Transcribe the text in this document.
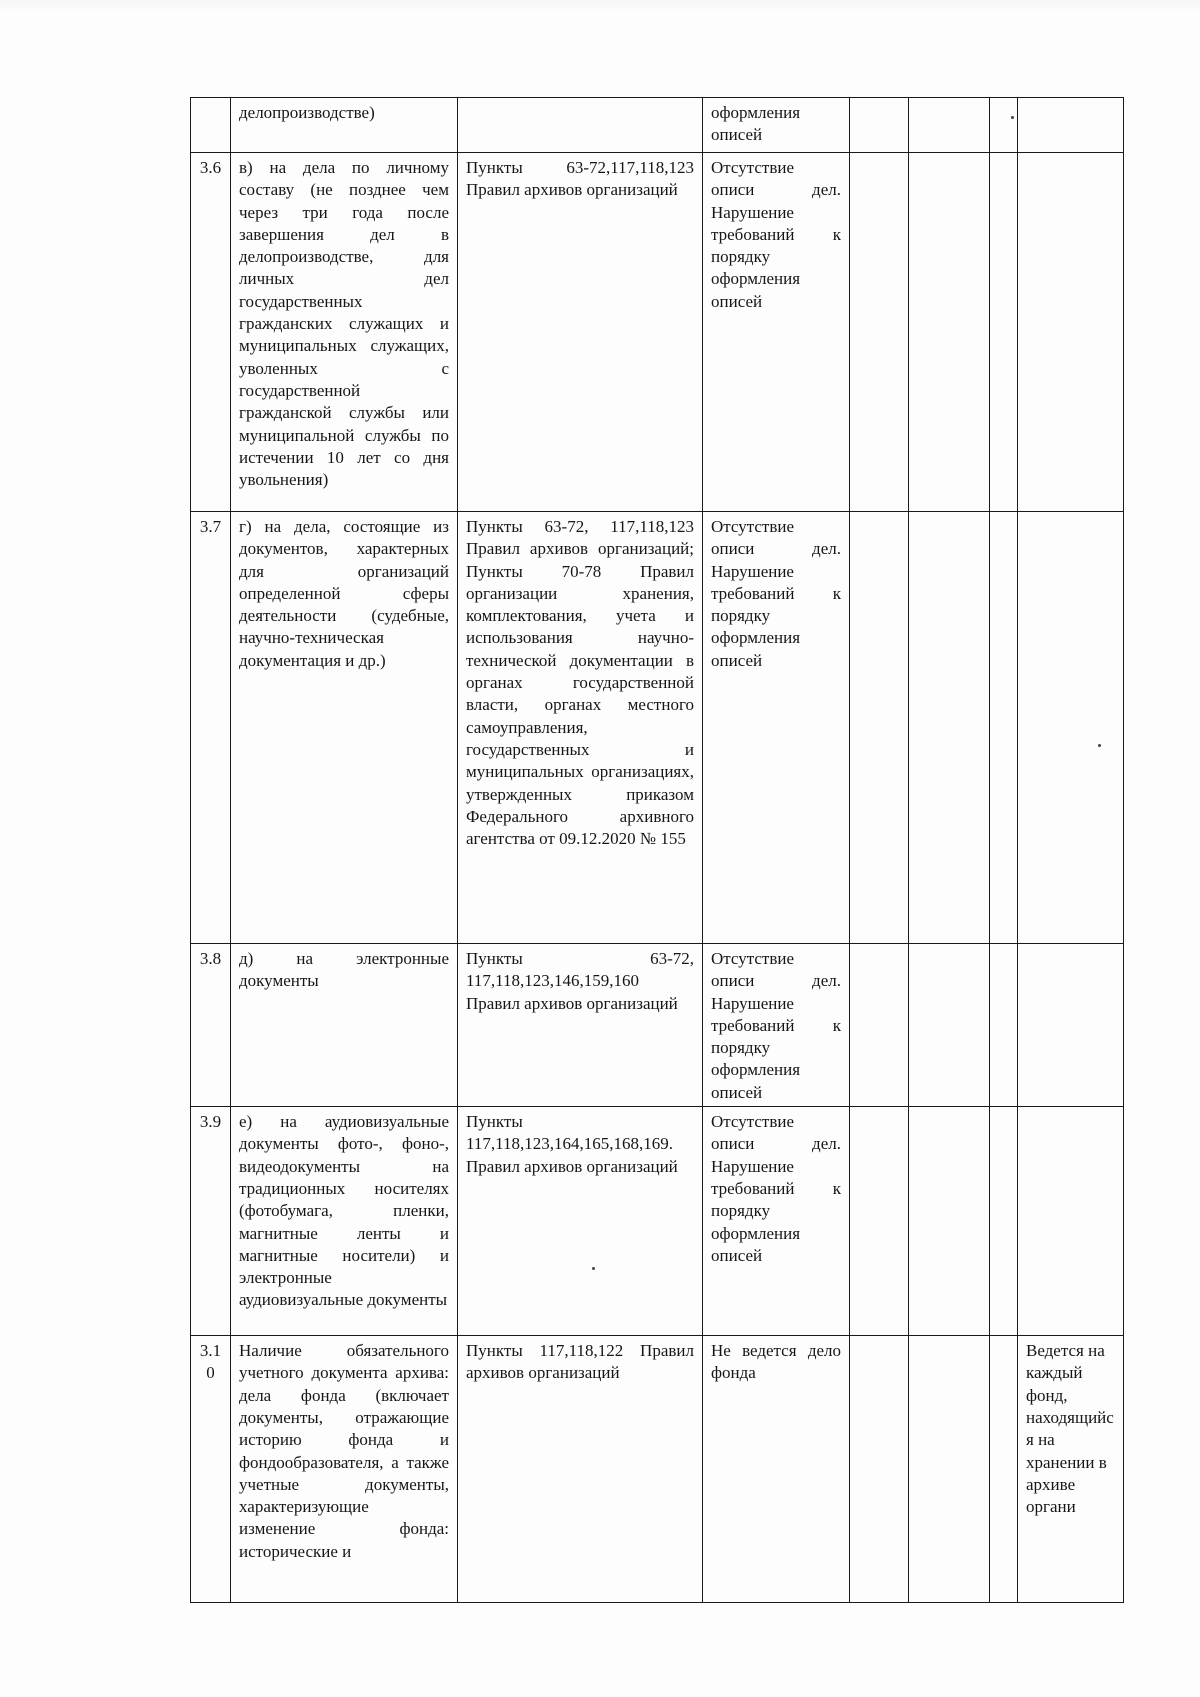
	делопроизводстве)		оформления
описей				

3.6	в) на дела по личному составу (не позднее чем через три года после завершения дел в делопроизводстве, для личных дел государственных гражданских служащих и муниципальных служащих, уволенных с государственной гражданской службы или муниципальной службы по истечении 10 лет со дня увольнения)	Пункты 63-72,117,118,123 Правил архивов организаций	Отсутствие описи дел. Нарушение требований к порядку оформления описей				

3.7	г) на дела, состоящие из документов, характерных для организаций определенной сферы деятельности (судебные, научно-техническая документация и др.)	Пункты 63-72, 117,118,123 Правил архивов организаций; Пункты 70-78 Правил организации хранения, комплектования, учета и использования научно-технической документации в органах государственной власти, органах местного самоуправления, государственных и муниципальных организациях, утвержденных приказом Федерального архивного агентства от 09.12.2020 № 155	Отсутствие описи дел. Нарушение требований к порядку оформления описей				

3.8	д) на электронные документы	Пункты 63-72, 117,118,123,146,159,160 Правил архивов организаций	Отсутствие описи дел. Нарушение требований к порядку оформления описей				

3.9	е) на аудиовизуальные документы фото-, фоно-, видеодокументы на традиционных носителях (фотобумага, пленки, магнитные ленты и магнитные носители) и электронные аудиовизуальные документы	Пункты 117,118,123,164,165,168,169. Правил архивов организаций	Отсутствие описи дел. Нарушение требований к порядку оформления описей				

3.10	Наличие обязательного учетного документа архива: дела фонда (включает документы, отражающие историю фонда и фондообразователя, а также учетные документы, характеризующие изменение фонда: исторические и	Пункты 117,118,122 Правил архивов организаций	Не ведется дело фонда				Ведется на каждый фонд, находящийся на хранении в архиве органи
